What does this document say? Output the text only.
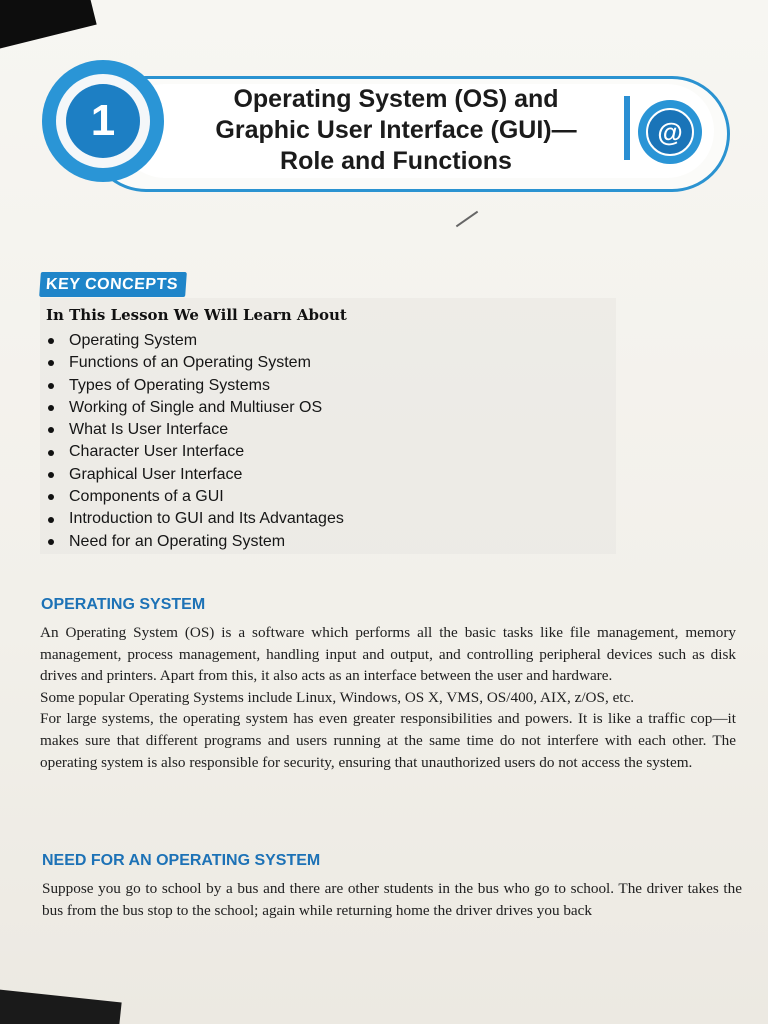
1	Operating System (OS) and
Graphic User Interface (GUI)—
Role and Functions
@
KEY CONCEPTS
In This Lesson We Will Learn About
Operating System
Functions of an Operating System
Types of Operating Systems
Working of Single and Multiuser OS
What Is User Interface
Character User Interface
Graphical User Interface
Components of a GUI
Introduction to GUI and Its Advantages
Need for an Operating System
OPERATING SYSTEM

An Operating System (OS) is a software which performs all the basic tasks like file management, memory management, process management, handling input and output, and controlling peripheral devices such as disk drives and printers. Apart from this, it also acts as an interface between the user and hardware.

Some popular Operating Systems include Linux, Windows, OS X, VMS, OS/400, AIX, z/OS, etc.

For large systems, the operating system has even greater responsibilities and powers. It is like a traffic cop—it makes sure that different programs and users running at the same time do not interfere with each other. The operating system is also responsible for security, ensuring that unauthorized users do not access the system.

NEED FOR AN OPERATING SYSTEM

Suppose you go to school by a bus and there are other students in the bus who go to school. The driver takes the bus from the bus stop to the school; again while returning home the driver drives you back
